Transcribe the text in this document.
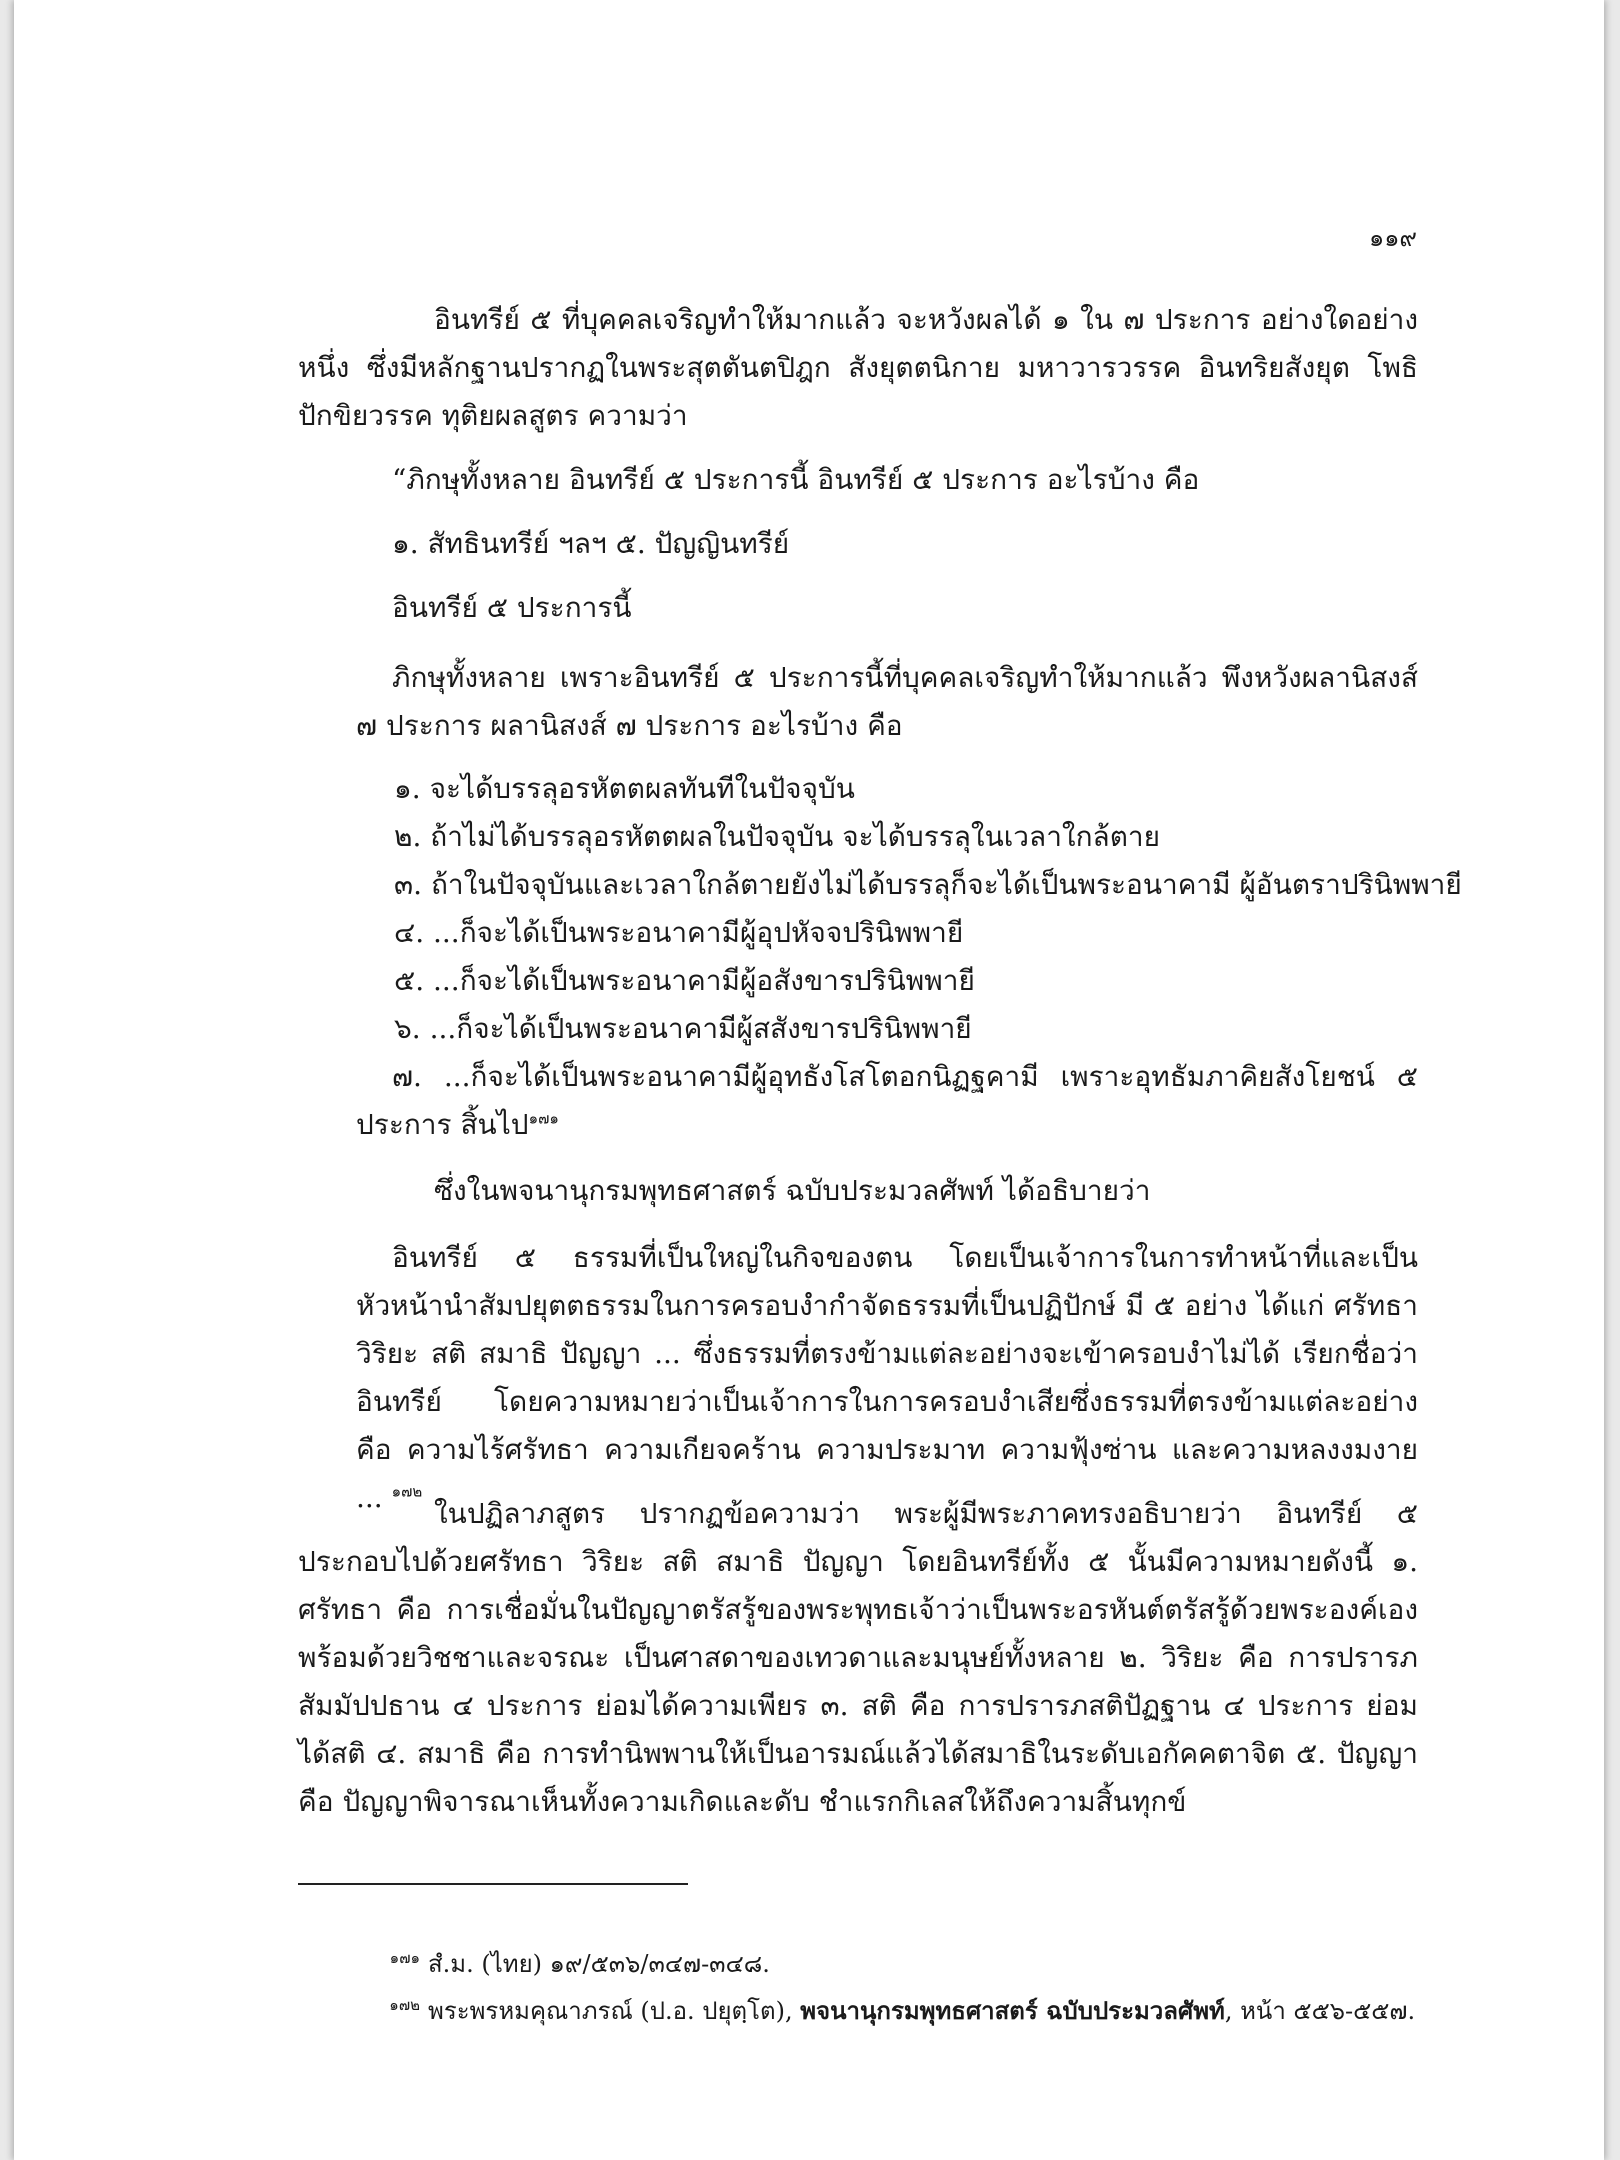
๑๑๙
อินทรีย์ ๕ ที่บุคคลเจริญทำให้มากแล้ว จะหวังผลได้ ๑ ใน ๗ ประการ อย่างใดอย่างหนึ่ง ซึ่งมีหลักฐานปรากฏในพระสุตตันตปิฎก สังยุตตนิกาย มหาวารวรรค อินทริยสังยุต โพธิปักขิยวรรค ทุติยผลสูตร ความว่า
“ภิกษุทั้งหลาย อินทรีย์ ๕ ประการนี้ อินทรีย์ ๕ ประการ อะไรบ้าง คือ
๑. สัทธินทรีย์ ฯลฯ ๕. ปัญญินทรีย์
อินทรีย์ ๕ ประการนี้
ภิกษุทั้งหลาย เพราะอินทรีย์ ๕ ประการนี้ที่บุคคลเจริญทำให้มากแล้ว พึงหวังผลานิสงส์ ๗ ประการ ผลานิสงส์ ๗ ประการ อะไรบ้าง คือ
๑. จะได้บรรลุอรหัตตผลทันทีในปัจจุบัน
๒. ถ้าไม่ได้บรรลุอรหัตตผลในปัจจุบัน จะได้บรรลุในเวลาใกล้ตาย
๓. ถ้าในปัจจุบันและเวลาใกล้ตายยังไม่ได้บรรลุก็จะได้เป็นพระอนาคามี ผู้อันตราปรินิพพายี
๔. ...ก็จะได้เป็นพระอนาคามีผู้อุปหัจจปรินิพพายี
๕. ...ก็จะได้เป็นพระอนาคามีผู้อสังขารปรินิพพายี
๖. ...ก็จะได้เป็นพระอนาคามีผู้สสังขารปรินิพพายี
๗. ...ก็จะได้เป็นพระอนาคามีผู้อุทธังโสโตอกนิฏฐคามี เพราะอุทธัมภาคิยสังโยชน์ ๕ ประการ สิ้นไป$^{๑๗๑}$
ซึ่งในพจนานุกรมพุทธศาสตร์ ฉบับประมวลศัพท์ ได้อธิบายว่า
อินทรีย์ ๕ ธรรมที่เป็นใหญ่ในกิจของตน โดยเป็นเจ้าการในการทำหน้าที่และเป็นหัวหน้านำสัมปยุตตธรรมในการครอบงำกำจัดธรรมที่เป็นปฏิปักษ์ มี ๕ อย่าง ได้แก่ ศรัทธา วิริยะ สติ สมาธิ ปัญญา ... ซึ่งธรรมที่ตรงข้ามแต่ละอย่างจะเข้าครอบงำไม่ได้ เรียกชื่อว่า อินทรีย์ โดยความหมายว่าเป็นเจ้าการในการครอบงำเสียซึ่งธรรมที่ตรงข้ามแต่ละอย่าง คือ ความไร้ศรัทธา ความเกียจคร้าน ความประมาท ความฟุ้งซ่าน และความหลงงมงาย ... $^{๑๗๒}$
ในปฏิลาภสูตร ปรากฏข้อความว่า พระผู้มีพระภาคทรงอธิบายว่า อินทรีย์ ๕ ประกอบไปด้วยศรัทธา วิริยะ สติ สมาธิ ปัญญา โดยอินทรีย์ทั้ง ๕ นั้นมีความหมายดังนี้ ๑. ศรัทธา คือ การเชื่อมั่นในปัญญาตรัสรู้ของพระพุทธเจ้าว่าเป็นพระอรหันต์ตรัสรู้ด้วยพระองค์เอง พร้อมด้วยวิชชาและจรณะ เป็นศาสดาของเทวดาและมนุษย์ทั้งหลาย ๒. วิริยะ คือ การปรารภสัมมัปปธาน ๔ ประการ ย่อมได้ความเพียร ๓. สติ คือ การปรารภสติปัฏฐาน ๔ ประการ ย่อมได้สติ ๔. สมาธิ คือ การทำนิพพานให้เป็นอารมณ์แล้วได้สมาธิในระดับเอกัคคตาจิต ๕. ปัญญา คือ ปัญญาพิจารณาเห็นทั้งความเกิดและดับ ชำแรกกิเลสให้ถึงความสิ้นทุกข์
$^{๑๗๑}$ สํ.ม. (ไทย) ๑๙/๕๓๖/๓๔๗-๓๔๘.
$^{๑๗๒}$ พระพรหมคุณาภรณ์ (ป.อ. ปยุตฺโต), พจนานุกรมพุทธศาสตร์ ฉบับประมวลศัพท์, หน้า ๕๕๖-๕๕๗.
